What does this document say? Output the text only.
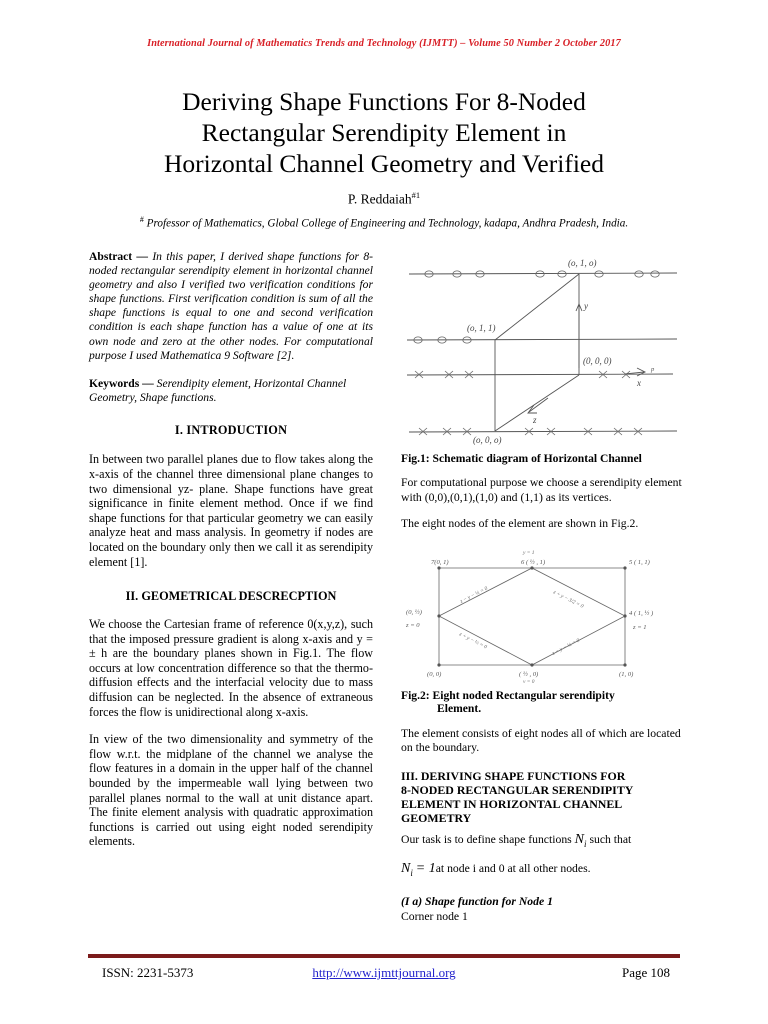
International Journal of Mathematics Trends and Technology (IJMTT) – Volume 50 Number 2 October 2017
Deriving Shape Functions For 8-Noded
Rectangular Serendipity Element in
Horizontal Channel Geometry and Verified
P. Reddaiah$^{\#1}$
# Professor of Mathematics, Global College of Engineering and Technology, kadapa, Andhra Pradesh, India.

Abstract — In this paper, I derived shape functions for 8-noded rectangular serendipity element in horizontal channel geometry and also I verified two verification conditions for shape functions. First verification condition is sum of all the shape functions is equal to one and second verification condition is each shape function has a value of one at its own node and zero at the other nodes. For computational purpose I used Mathematica 9 Software [2].

Keywords — Serendipity element, Horizontal Channel Geometry, Shape functions.

I. INTRODUCTION

In between two parallel planes due to flow takes along the x-axis of the channel three dimensional plane changes to two dimensional yz- plane. Shape functions have great significance in finite element method. Once if we find shape functions for that particular geometry we can easily analyze heat and mass analysis. In geometry if nodes are located on the boundary only then we call it as serendipity element [1].

II. GEOMETRICAL DESCRECPTION

We choose the Cartesian frame of reference 0(x,y,z), such that the imposed pressure gradient is along x-axis and y = ± h are the boundary planes shown in Fig.1. The flow occurs at low concentration difference so that the thermo-diffusion effects and the interfacial velocity due to mass diffusion can be neglected. In the absence of extraneous forces the flow is unidirectional along x-axis.

In view of the two dimensionality and symmetry of the flow w.r.t. the midplane of the channel we analyse the flow features in a domain in the upper half of the channel bounded by the impermeable wall lying between two parallel planes normal to the wall at unit distance apart. The finite element analysis with quadratic approximation functions is carried out using eight noded serendipity elements.

y
x
p
z
(o, 1, o)
(o, 1, 1)
(0, 0, 0)
(o, 0, o)
Fig.1: Schematic diagram of Horizontal Channel

For computational purpose we choose a serendipity element with (0,0),(0,1),(1,0) and (1,1) as its vertices.

The eight nodes of the element are shown in Fig.2.

7(0, 1)	6 ( ½ , 1)	5 ( 1, 1)
(0, ½)
z = 0
4 ( 1, ½ )
z = 1
(0, 0)	( ½ , 0)	(1, 0)
y = 1
y = 0
z − y − ½ = 0	z + y − 3/2 = 0
z + y − ½ = 0	z − y − ½ = 0
Fig.2: Eight noded Rectangular serendipity
Element.

The element consists of eight nodes all of which are located on the boundary.

III. DERIVING SHAPE FUNCTIONS FOR
8-NODED RECTANGULAR SERENDIPITY
ELEMENT IN HORIZONTAL CHANNEL
GEOMETRY
Our task is to define shape functions $N_i$ such that
$N_i = 1at$ node i and 0 at all other nodes.
(I a) Shape function for Node 1
Corner node 1
ISSN: 2231-5373	http://www.ijmttjournal.org	Page 108
